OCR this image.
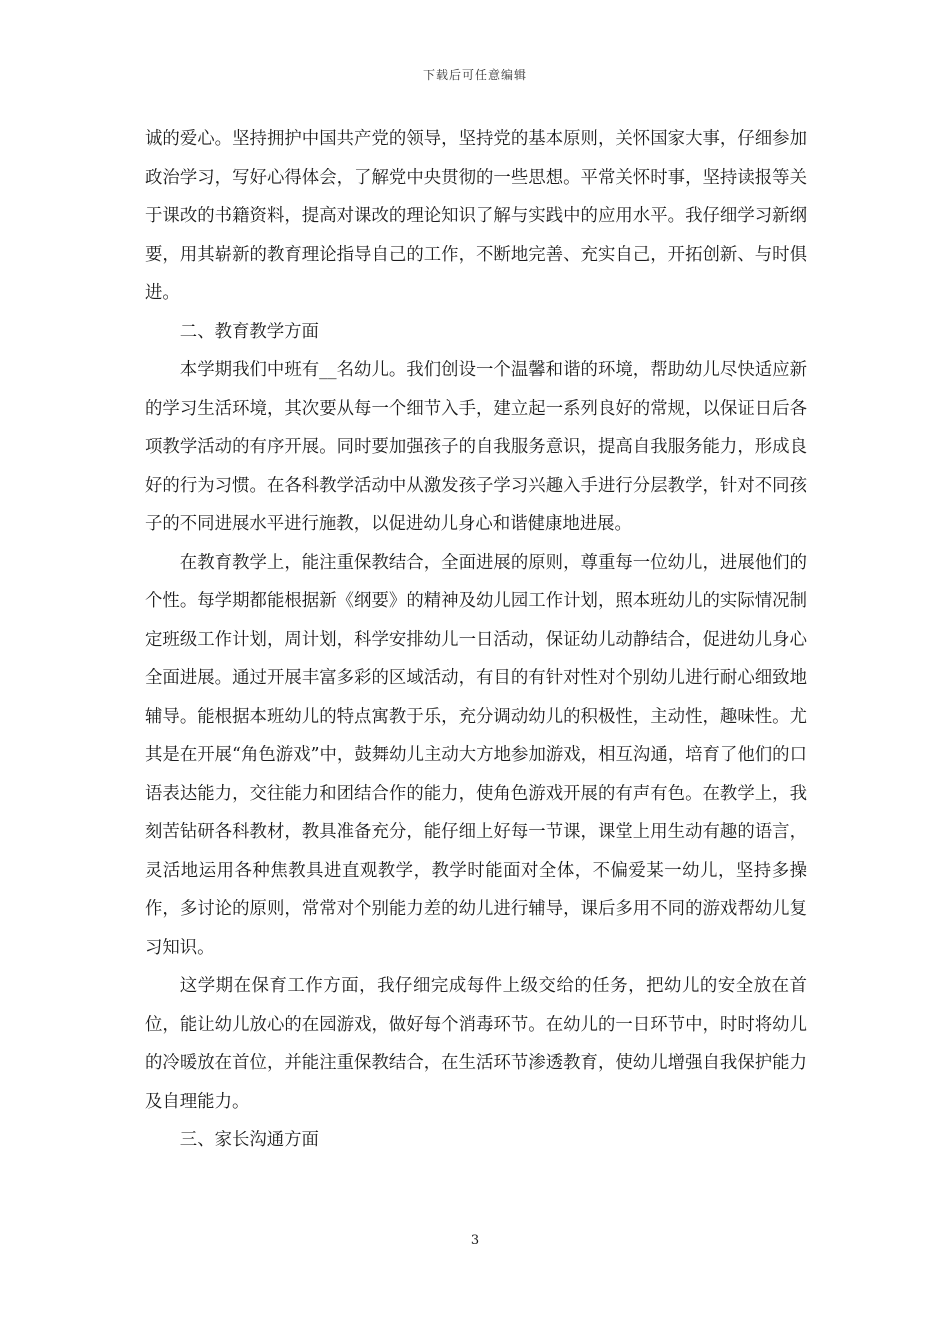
下载后可任意编辑

诚的爱心。坚持拥护中国共产党的领导，坚持党的基本原则，关怀国家大事，仔细参加政治学习，写好心得体会，了解党中央贯彻的一些思想。平常关怀时事，坚持读报等关于课改的书籍资料，提高对课改的理论知识了解与实践中的应用水平。我仔细学习新纲要，用其崭新的教育理论指导自己的工作，不断地完善、充实自己，开拓创新、与时俱进。

二、教育教学方面

本学期我们中班有__名幼儿。我们创设一个温馨和谐的环境，帮助幼儿尽快适应新的学习生活环境，其次要从每一个细节入手，建立起一系列良好的常规，以保证日后各项教学活动的有序开展。同时要加强孩子的自我服务意识，提高自我服务能力，形成良好的行为习惯。在各科教学活动中从激发孩子学习兴趣入手进行分层教学，针对不同孩子的不同进展水平进行施教，以促进幼儿身心和谐健康地进展。

在教育教学上，能注重保教结合，全面进展的原则，尊重每一位幼儿，进展他们的个性。每学期都能根据新《纲要》的精神及幼儿园工作计划，照本班幼儿的实际情况制定班级工作计划，周计划，科学安排幼儿一日活动，保证幼儿动静结合，促进幼儿身心全面进展。通过开展丰富多彩的区域活动，有目的有针对性对个别幼儿进行耐心细致地辅导。能根据本班幼儿的特点寓教于乐，充分调动幼儿的积极性，主动性，趣味性。尤其是在开展“角色游戏”中，鼓舞幼儿主动大方地参加游戏，相互沟通，培育了他们的口语表达能力，交往能力和团结合作的能力，使角色游戏开展的有声有色。在教学上，我刻苦钻研各科教材，教具准备充分，能仔细上好每一节课，课堂上用生动有趣的语言，灵活地运用各种焦教具进直观教学，教学时能面对全体，不偏爱某一幼儿，坚持多操作，多讨论的原则，常常对个别能力差的幼儿进行辅导，课后多用不同的游戏帮幼儿复习知识。

这学期在保育工作方面，我仔细完成每件上级交给的任务，把幼儿的安全放在首位，能让幼儿放心的在园游戏，做好每个消毒环节。在幼儿的一日环节中，时时将幼儿的冷暖放在首位，并能注重保教结合，在生活环节渗透教育，使幼儿增强自我保护能力及自理能力。

三、家长沟通方面

3
